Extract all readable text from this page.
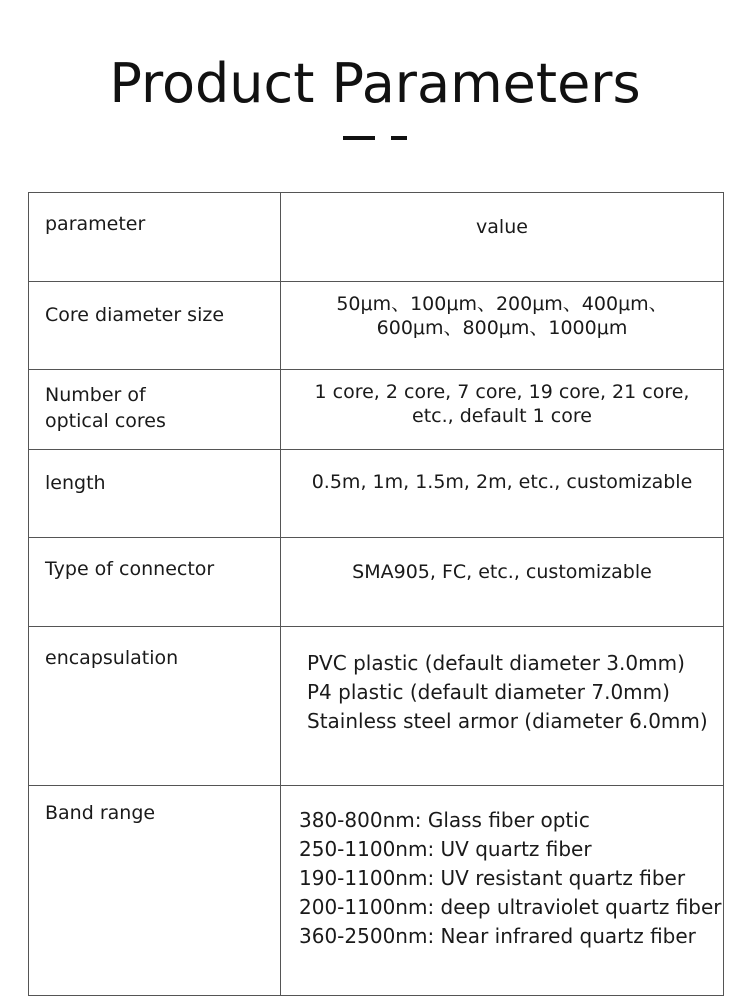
Product Parameters
parameter	value
Core diameter size	50μm、100μm、200μm、400μm、
600μm、800μm、1000μm

Number of
optical cores	1 core, 2 core, 7 core, 19 core, 21 core,
etc., default 1 core

length	0.5m, 1m, 1.5m, 2m, etc., customizable
Type of connector	SMA905, FC, etc., customizable
encapsulation	PVC plastic (default diameter 3.0mm)
P4 plastic (default diameter 7.0mm)
Stainless steel armor (diameter 6.0mm)

Band range	380-800nm: Glass fiber optic
250-1100nm: UV quartz fiber
190-1100nm: UV resistant quartz fiber
200-1100nm: deep ultraviolet quartz fiber
360-2500nm: Near infrared quartz fiber
